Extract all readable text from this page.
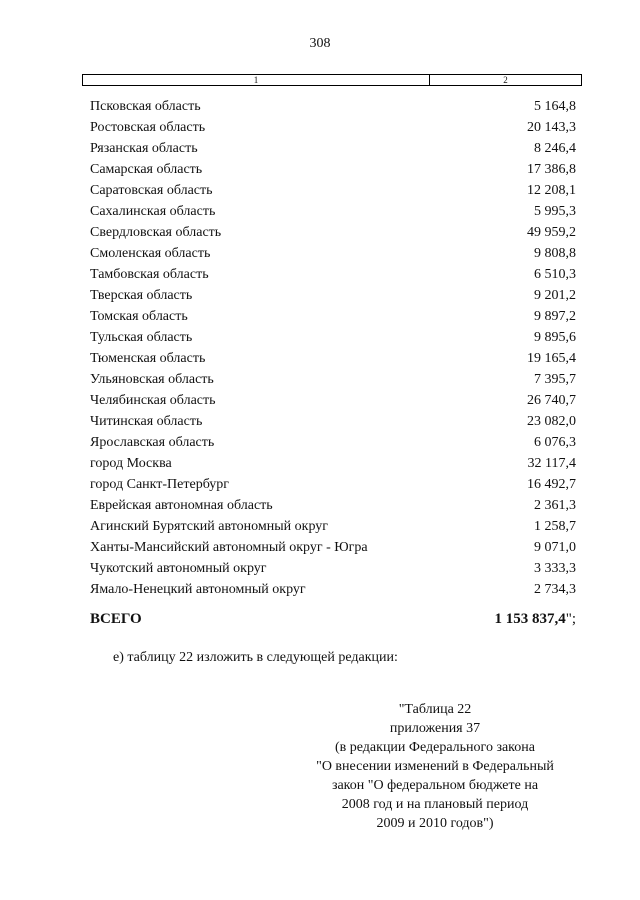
308
1	2
Псковская область	5 164,8
Ростовская область	20 143,3
Рязанская область	8 246,4
Самарская область	17 386,8
Саратовская область	12 208,1
Сахалинская область	5 995,3
Свердловская область	49 959,2
Смоленская область	9 808,8
Тамбовская область	6 510,3
Тверская область	9 201,2
Томская область	9 897,2
Тульская область	9 895,6
Тюменская область	19 165,4
Ульяновская область	7 395,7
Челябинская область	26 740,7
Читинская область	23 082,0
Ярославская область	6 076,3
город Москва	32 117,4
город Санкт-Петербург	16 492,7
Еврейская автономная область	2 361,3
Агинский Бурятский автономный округ	1 258,7
Ханты-Мансийский автономный округ - Югра	9 071,0
Чукотский автономный округ	3 333,3
Ямало-Ненецкий автономный округ	2 734,3
ВСЕГО	1 153 837,4";
е) таблицу 22 изложить в следующей редакции:
"Таблица 22
приложения 37
(в редакции Федерального закона
"О внесении изменений в Федеральный
закон "О федеральном бюджете на
2008 год и на плановый период
2009 и 2010 годов")
